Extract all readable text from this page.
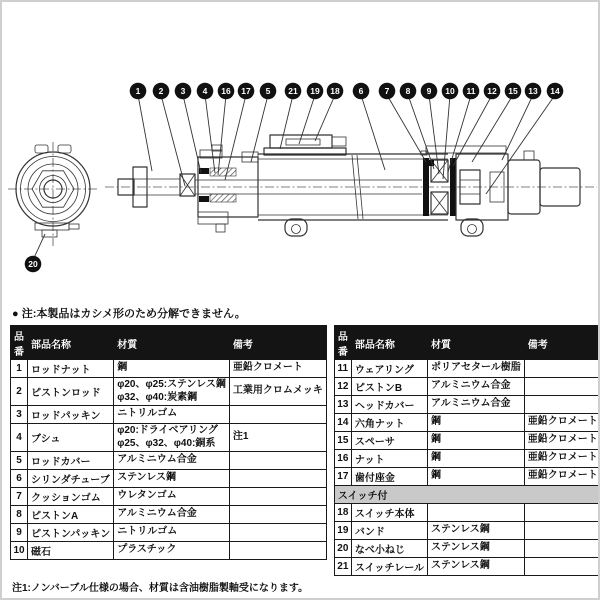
1 2 3 4 16 17 5 21 19 18 6	7 8 9 10 11 12 15 13 14
20
● 注:本製品はカシメ形のため分解できません。
品番	部品名称	材質	備考
1	ロッドナット	鋼	亜鉛クロメート

2	ピストンロッド	φ20、φ25:ステンレス鋼
φ32、φ40:炭素鋼	工業用クロムメッキ

3	ロッドパッキン	ニトリルゴム	

4	ブシュ	φ20:ドライベアリング
φ25、φ32、φ40:銅系	注1

5	ロッドカバー	アルミニウム合金	

6	シリンダチューブ	ステンレス鋼	

7	クッションゴム	ウレタンゴム	

8	ピストンA	アルミニウム合金	

9	ピストンパッキン	ニトリルゴム	

10	磁石	プラスチック	

品番	部品名称	材質	備考
11	ウェアリング	ポリアセタール樹脂	

12	ピストンB	アルミニウム合金	

13	ヘッドカバー	アルミニウム合金	

14	六角ナット	鋼	亜鉛クロメート

15	スペーサ	鋼	亜鉛クロメート

16	ナット	鋼	亜鉛クロメート

17	歯付座金	鋼	亜鉛クロメート

スイッチ付			
18	スイッチ本体		
19	バンド	ステンレス鋼	

20	なべ小ねじ	ステンレス鋼	

21	スイッチレール	ステンレス鋼	

注1:ノンバーブル仕様の場合、材質は含油樹脂製軸受になります。
